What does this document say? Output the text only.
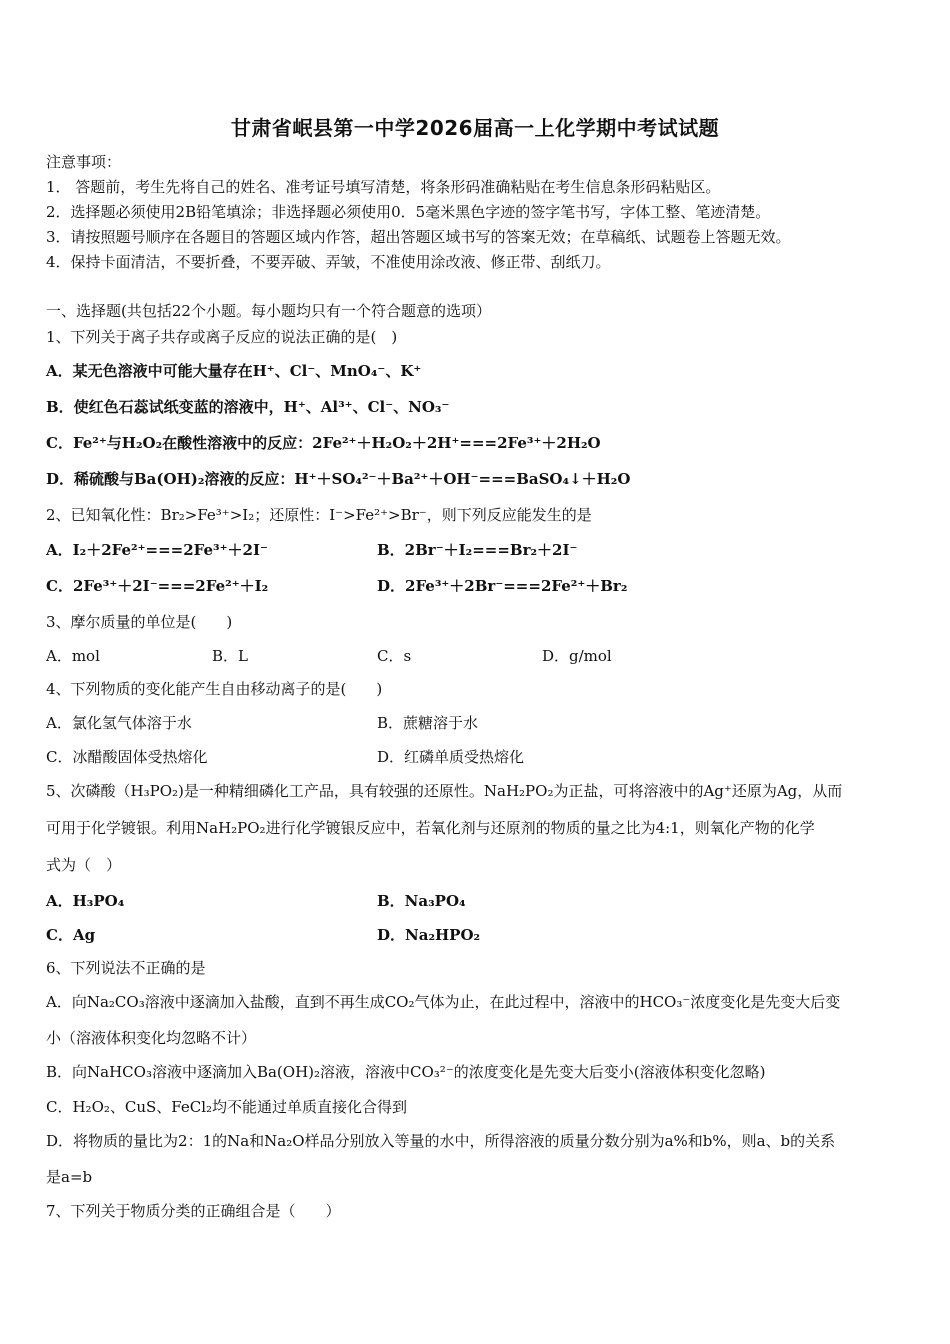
甘肃省岷县第一中学2026届高一上化学期中考试试题
注意事项：
1． 答题前，考生先将自己的姓名、准考证号填写清楚，将条形码准确粘贴在考生信息条形码粘贴区。
2．选择题必须使用2B铅笔填涂；非选择题必须使用0．5毫米黑色字迹的签字笔书写，字体工整、笔迹清楚。
3．请按照题号顺序在各题目的答题区域内作答，超出答题区域书写的答案无效；在草稿纸、试题卷上答题无效。
4．保持卡面清洁，不要折叠，不要弄破、弄皱，不准使用涂改液、修正带、刮纸刀。
一、选择题(共包括22个小题。每小题均只有一个符合题意的选项）
1、下列关于离子共存或离子反应的说法正确的是(　)
A．某无色溶液中可能大量存在H⁺、Cl⁻、MnO₄⁻、K⁺
B．使红色石蕊试纸变蓝的溶液中，H⁺、Al³⁺、Cl⁻、NO₃⁻
C．Fe²⁺与H₂O₂在酸性溶液中的反应：2Fe²⁺＋H₂O₂＋2H⁺===2Fe³⁺＋2H₂O
D．稀硫酸与Ba(OH)₂溶液的反应：H⁺＋SO₄²⁻＋Ba²⁺＋OH⁻===BaSO₄↓＋H₂O
2、已知氧化性：Br₂>Fe³⁺>I₂；还原性：I⁻>Fe²⁺>Br⁻，则下列反应能发生的是
A．I₂＋2Fe²⁺===2Fe³⁺＋2I⁻	B．2Br⁻＋I₂===Br₂＋2I⁻
C．2Fe³⁺＋2I⁻===2Fe²⁺＋I₂	D．2Fe³⁺＋2Br⁻===2Fe²⁺＋Br₂
3、摩尔质量的单位是(　　)
A．mol	B．L	C．s	D．g/mol
4、下列物质的变化能产生自由移动离子的是(　　)
A．氯化氢气体溶于水	B．蔗糖溶于水
C．冰醋酸固体受热熔化	D．红磷单质受热熔化
5、次磷酸（H₃PO₂)是一种精细磷化工产品，具有较强的还原性。NaH₂PO₂为正盐，可将溶液中的Ag⁺还原为Ag，从而
可用于化学镀银。利用NaH₂PO₂进行化学镀银反应中，若氧化剂与还原剂的物质的量之比为4:1，则氧化产物的化学
式为（　）
A．H₃PO₄	B．Na₃PO₄
C．Ag	D．Na₂HPO₂
6、下列说法不正确的是
A．向Na₂CO₃溶液中逐滴加入盐酸，直到不再生成CO₂气体为止，在此过程中，溶液中的HCO₃⁻浓度变化是先变大后变
小（溶液体积变化均忽略不计）
B．向NaHCO₃溶液中逐滴加入Ba(OH)₂溶液，溶液中CO₃²⁻的浓度变化是先变大后变小(溶液体积变化忽略)
C．H₂O₂、CuS、FeCl₂均不能通过单质直接化合得到
D．将物质的量比为2：1的Na和Na₂O样品分别放入等量的水中，所得溶液的质量分数分别为a%和b%，则a、b的关系
是a=b
7、下列关于物质分类的正确组合是（　　）
